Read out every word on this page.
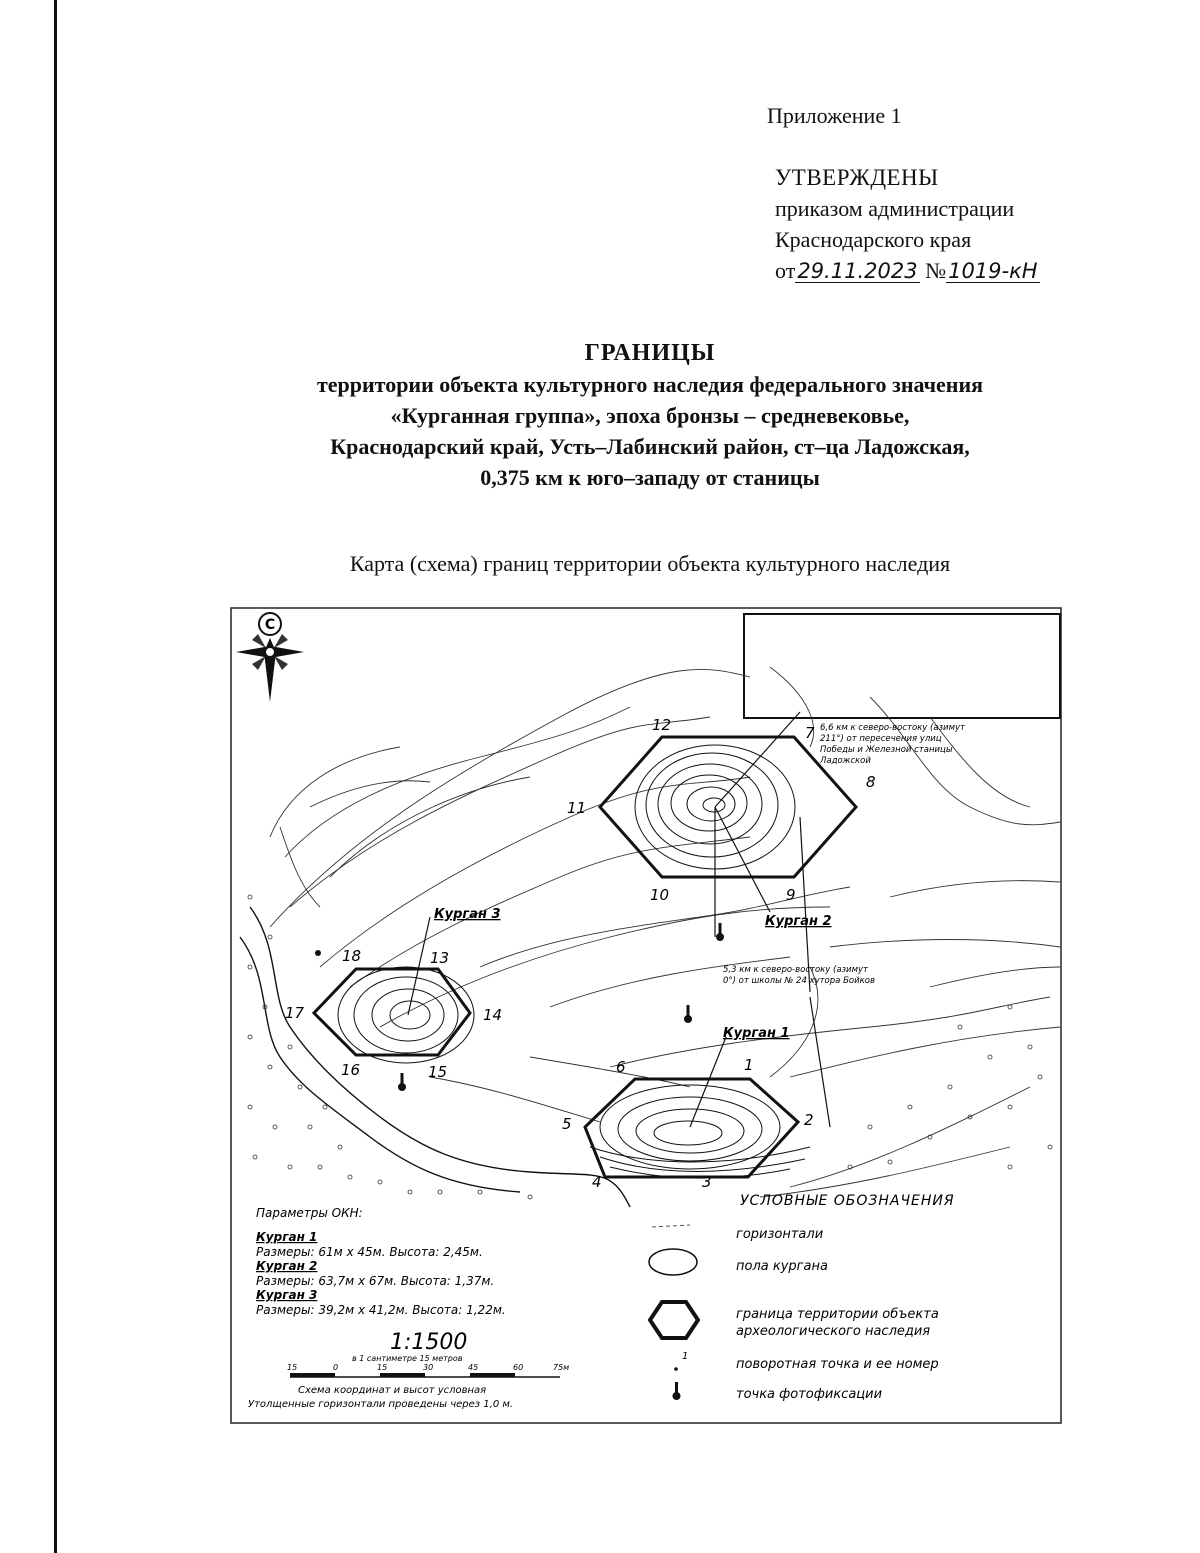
Приложение 1
УТВЕРЖДЕНЫ
приказом администрации
Краснодарского края
от29.11.2023 №1019-кН
ГРАНИЦЫ
территории объекта культурного наследия федерального значения
«Курганная группа», эпоха бронзы – средневековье,
Краснодарский край, Усть–Лабинский район, ст–ца Ладожская,
0,375 км к юго–западу от станицы
Карта (схема) границ территории объекта культурного наследия
С
Курган 1
Курган 2
Курган 3
1
2
3
4
5
6
7
8
9
10
11
12
13
14
15
16
17
18
6,6 км к северо-востоку (азимут
211°) от пересечения улиц
Победы и Железной станицы
Ладожской
5,3 км к северо-востоку (азимут
0°) от школы № 24 хутора Бойков
Параметры ОКН:
Курган 1
Размеры: 61м х 45м. Высота: 2,45м.
Курган 2
Размеры: 63,7м х 67м. Высота: 1,37м.
Курган 3
Размеры: 39,2м х 41,2м. Высота: 1,22м.
1:1500
в 1 сантиметре 15 метров
15	0	15	30	45	60	75м
Схема координат и высот условная
Утолщенные горизонтали проведены через 1,0 м.
УСЛОВНЫЕ ОБОЗНАЧЕНИЯ
горизонтали
пола кургана
граница территории объекта
археологического наследия
1
поворотная точка и ее номер
точка фотофиксации
